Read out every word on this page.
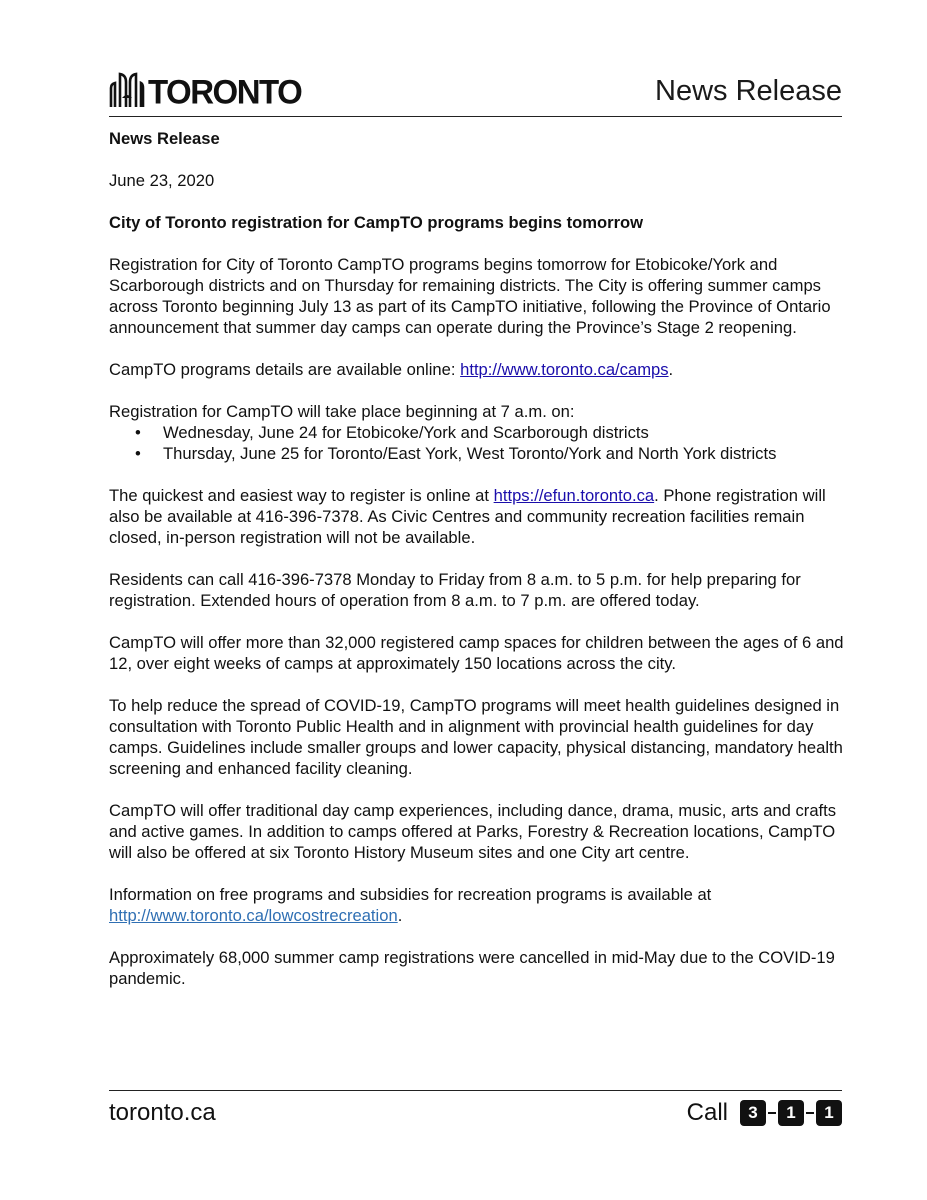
TORONTO	News Release

News Release

June 23, 2020

City of Toronto registration for CampTO programs begins tomorrow

Registration for City of Toronto CampTO programs begins tomorrow for Etobicoke/York and Scarborough districts and on Thursday for remaining districts. The City is offering summer camps across Toronto beginning July 13 as part of its CampTO initiative, following the Province of Ontario announcement that summer day camps can operate during the Province’s Stage 2 reopening.

CampTO programs details are available online: http://www.toronto.ca/camps.

Registration for CampTO will take place beginning at 7 a.m. on:

• Wednesday, June 24 for Etobicoke/York and Scarborough districts
• Thursday, June 25 for Toronto/East York, West Toronto/York and North York districts

The quickest and easiest way to register is online at https://efun.toronto.ca. Phone registration will also be available at 416-396-7378. As Civic Centres and community recreation facilities remain closed, in-person registration will not be available.

Residents can call 416-396-7378 Monday to Friday from 8 a.m. to 5 p.m. for help preparing for registration. Extended hours of operation from 8 a.m. to 7 p.m. are offered today.

CampTO will offer more than 32,000 registered camp spaces for children between the ages of 6 and 12, over eight weeks of camps at approximately 150 locations across the city.

To help reduce the spread of COVID-19, CampTO programs will meet health guidelines designed in consultation with Toronto Public Health and in alignment with provincial health guidelines for day camps. Guidelines include smaller groups and lower capacity, physical distancing, mandatory health screening and enhanced facility cleaning.

CampTO will offer traditional day camp experiences, including dance, drama, music, arts and crafts and active games. In addition to camps offered at Parks, Forestry & Recreation locations, CampTO will also be offered at six Toronto History Museum sites and one City art centre.

Information on free programs and subsidies for recreation programs is available at http://www.toronto.ca/lowcostrecreation.

Approximately 68,000 summer camp registrations were cancelled in mid-May due to the COVID-19 pandemic.

toronto.ca	Call	3	1	1
